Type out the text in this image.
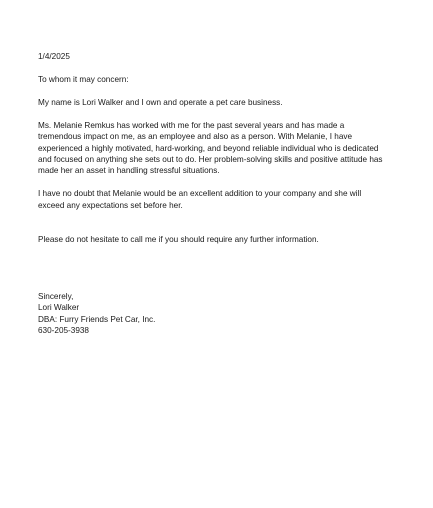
1/4/2025

To whom it may concern:

My name is Lori Walker and I own and operate a pet care business.

Ms. Melanie Remkus has worked with me for the past several years and has made a

tremendous impact on me, as an employee and also as a person. With Melanie, I have

experienced a highly motivated, hard-working, and beyond reliable individual who is dedicated

and focused on anything she sets out to do. Her problem-solving skills and positive attitude has

made her an asset in handling stressful situations.

I have no doubt that Melanie would be an excellent addition to your company and she will

exceed any expectations set before her.

Please do not hesitate to call me if you should require any further information.

Sincerely,

Lori Walker

DBA: Furry Friends Pet Car, Inc.

630-205-3938
